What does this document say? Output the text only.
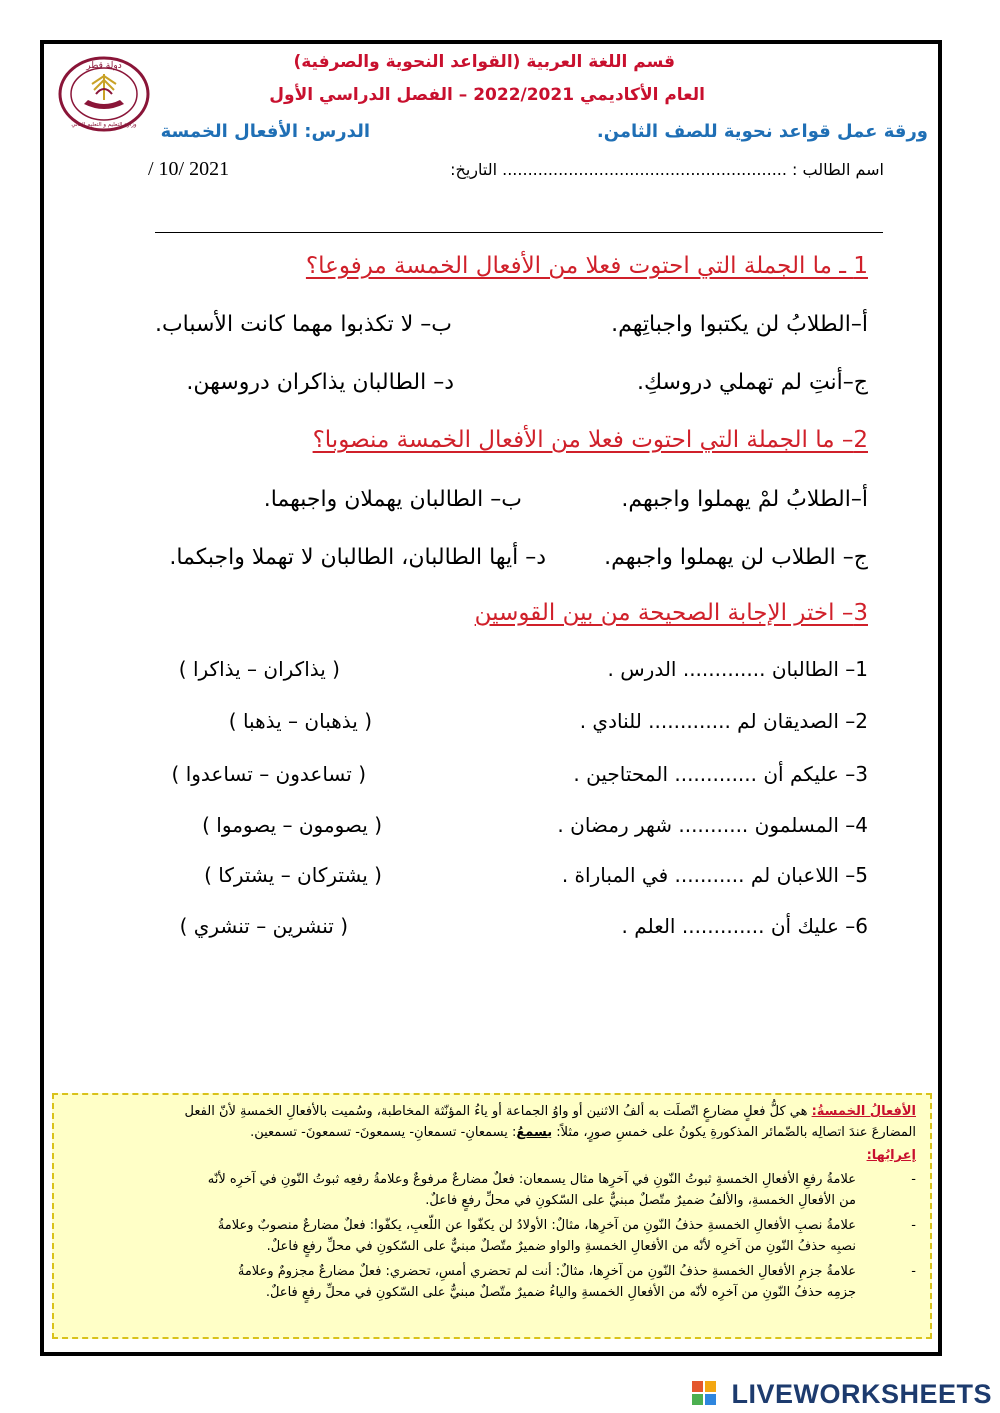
دولة قطر
وزارة التعليم و التعليم العالي
قسم اللغة العربية (القواعد النحوية والصرفية)
العام الأكاديمي 2022/2021 – الفصل الدراسي الأول
ورقة عمل قواعد نحوية للصف الثامن.
الدرس: الأفعال الخمسة
اسم الطالب : ........................................................ التاريخ:
/ 10/ 2021
1 ـ ما الجملة التي احتوت فعلا من الأفعال الخمسة مرفوعا؟
أ–الطلابُ لن يكتبوا واجباتِهم.
ب– لا تكذبوا مهما كانت الأسباب.
ج–أنتِ لم تهملي دروسكِ.
د– الطالبان يذاكران دروسهن.
2– ما الجملة التي احتوت فعلا من الأفعال الخمسة منصوبا؟
أ–الطلابُ لمْ يهملوا واجبهم.
ب– الطالبان يهملان واجبهما.
ج– الطلاب لن يهملوا واجبهم.
د– أيها الطالبان، الطالبان لا تهملا واجبكما.
3– اختر الإجابة الصحيحة من بين القوسين
1– الطالبان ............. الدرس .
( يذاكران – يذاكرا )
2– الصديقان لم ............. للنادي .
( يذهبان – يذهبا )
3– عليكم أن ............. المحتاجين .
( تساعدون – تساعدوا )
4– المسلمون ........... شهر رمضان .
( يصومون – يصوموا )
5– اللاعبان لم ........... في المباراة .
( يشتركان – يشتركا )
6– عليك أن ............. العلم .
( تنشرين – تنشري )
الأفعالُ الخمسةُ: هي كلُّ فعلٍ مضارعٍ اتّصلَت به ألفُ الاثنين أو واوُ الجماعة أو ياءُ المؤنّثة المخاطبة، وسُميت بالأفعالِ الخمسةِ لأنّ الفعل
المضارعَ عندَ اتصالِه بالضّمائر المذكورةِ يكونُ على خمسِ صورٍ، مثلاً: يسمعُ: يسمعانِ- تسمعانِ- يسمعونَ- تسمعونَ- تسمعين.
إعرابُها:
-
علامةُ رفعِ الأفعالِ الخمسةِ ثبوتُ النّونِ في آخرِها مثال يسمعان: فعلٌ مضارعٌ مرفوعٌ وعلامةُ رفعِه ثبوتُ النّونِ في آخرِه لأنّه
من الأفعالِ الخمسةِ، والألفُ ضميرٌ متّصلٌ مبنيٌّ على السّكونِ في محلِّ رفعٍ فاعلٌ.
-
علامةُ نصبِ الأفعالِ الخمسةِ حذفُ النّونِ من آخرِها، مثالٌ: الأولادُ لن يكفّوا عن اللّعبِ، يكفّوا: فعلٌ مضارعٌ منصوبٌ وعلامةُ
نصبِه حذفُ النّونِ من آخرِه لأنّه من الأفعالِ الخمسةِ والواو ضميرٌ متّصلٌ مبنيٌّ على السّكونِ في محلِّ رفعٍ فاعلٌ.
-
علامةُ جزمِ الأفعالِ الخمسةِ حذفُ النّونِ من آخرِها، مثالٌ: أنت لم تحضري أمسِ، تحضري: فعلٌ مضارعٌ مجزومٌ وعلامةُ
جزمِه حذفُ النّونِ من آخرِه لأنّه من الأفعالِ الخمسةِ والياءُ ضميرٌ متّصلٌ مبنيٌّ على السّكونِ في محلِّ رفعٍ فاعلٌ.
LIVEWORKSHEETS
